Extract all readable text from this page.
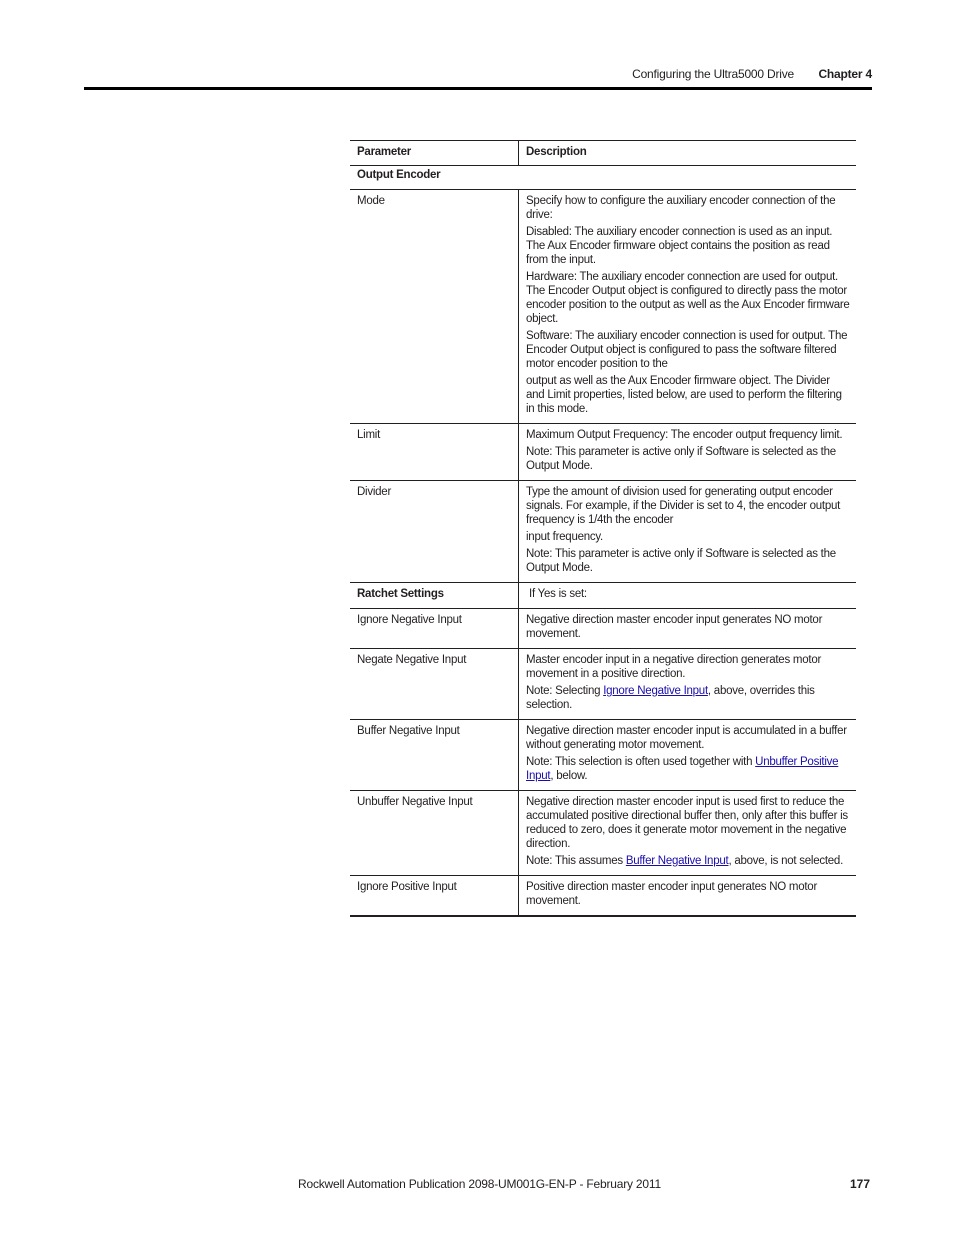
Configuring the Ultra5000 Drive Chapter 4
Parameter	Description
Output Encoder	
Mode	Specify how to configure the auxiliary encoder connection of the drive:

Disabled: The auxiliary encoder connection is used as an input. The Aux Encoder firmware object contains the position as read from the input.

Hardware: The auxiliary encoder connection are used for output. The Encoder Output object is configured to directly pass the motor encoder position to the output as well as the Aux Encoder firmware object.

Software: The auxiliary encoder connection is used for output. The Encoder Output object is configured to pass the software filtered motor encoder position to the

output as well as the Aux Encoder firmware object. The Divider and Limit properties, listed below, are used to perform the filtering in this mode.

Limit	Maximum Output Frequency: The encoder output frequency limit.

Note: This parameter is active only if Software is selected as the Output Mode.

Divider	Type the amount of division used for generating output encoder signals. For example, if the Divider is set to 4, the encoder output frequency is 1/4th the encoder

input frequency.

Note: This parameter is active only if Software is selected as the Output Mode.

Ratchet Settings	If Yes is set:
Ignore Negative Input	Negative direction master encoder input generates NO motor movement.

Negate Negative Input	Master encoder input in a negative direction generates motor movement in a positive direction.

Note: Selecting Ignore Negative Input, above, overrides this selection.

Buffer Negative Input	Negative direction master encoder input is accumulated in a buffer without generating motor movement.

Note: This selection is often used together with Unbuffer Positive Input, below.

Unbuffer Negative Input	Negative direction master encoder input is used first to reduce the accumulated positive directional buffer then, only after this buffer is reduced to zero, does it generate motor movement in the negative direction.

Note: This assumes Buffer Negative Input, above, is not selected.

Ignore Positive Input	Positive direction master encoder input generates NO motor movement.

Rockwell Automation Publication 2098-UM001G-EN-P - February 2011	177
